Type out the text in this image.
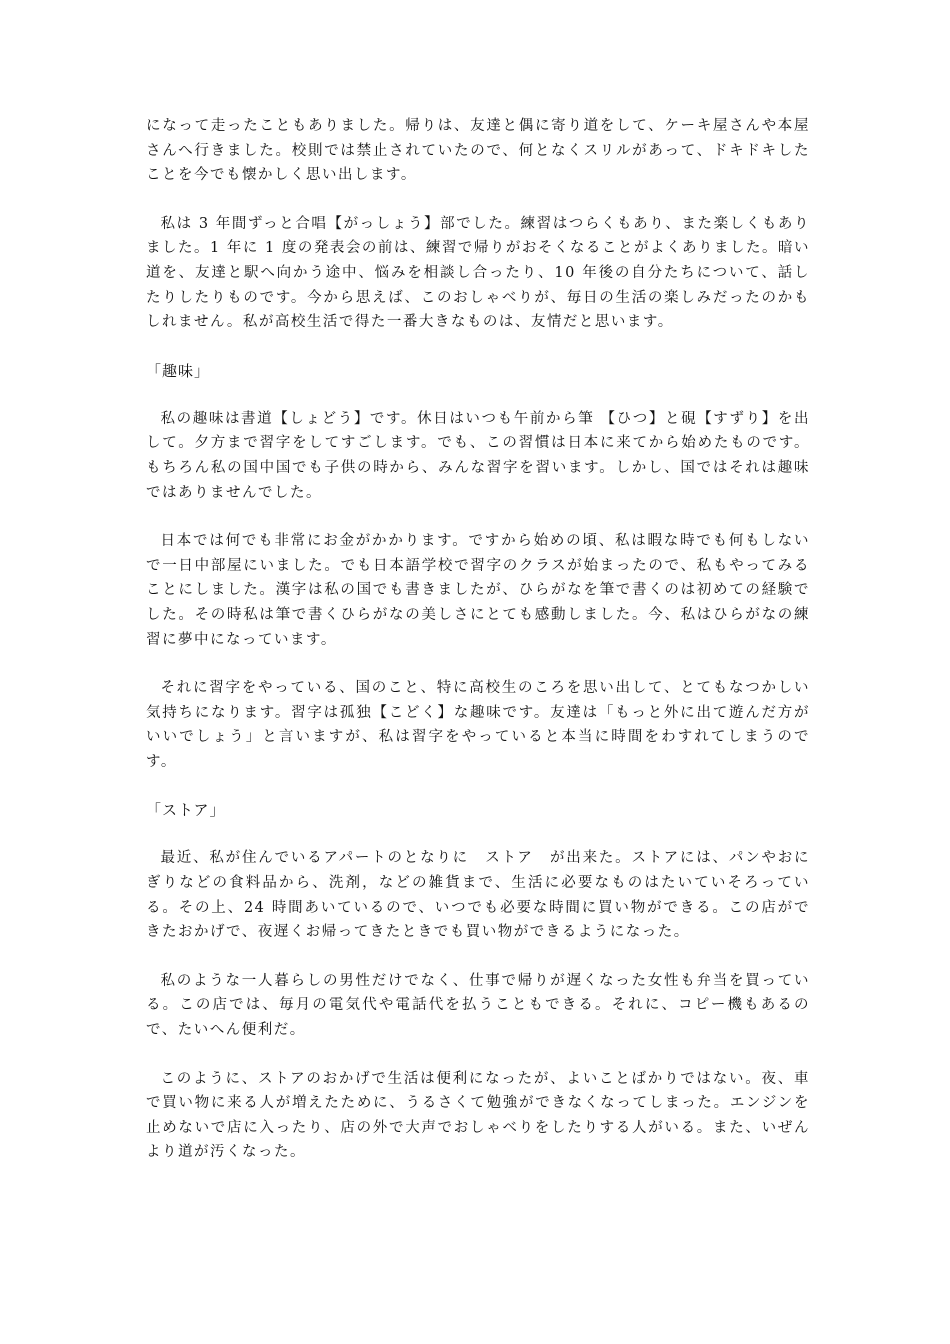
になって走ったこともありました。帰りは、友達と偶に寄り道をして、ケーキ屋さんや本屋さんへ行きました。校則では禁止されていたので、何となくスリルがあって、ドキドキしたことを今でも懐かしく思い出します。

私は 3 年間ずっと合唱【がっしょう】部でした。練習はつらくもあり、また楽しくもありました。1 年に 1 度の発表会の前は、練習で帰りがおそくなることがよくありました。暗い道を、友達と駅へ向かう途中、悩みを相談し合ったり、10 年後の自分たちについて、話したりしたりものです。今から思えば、このおしゃべりが、毎日の生活の楽しみだったのかもしれません。私が高校生活で得た一番大きなものは、友情だと思います。

「趣味」

私の趣味は書道【しょどう】です。休日はいつも午前から筆 【ひつ】と硯【すずり】を出して。夕方まで習字をしてすごします。でも、この習慣は日本に来てから始めたものです。もちろん私の国中国でも子供の時から、みんな習字を習います。しかし、国ではそれは趣味ではありませんでした。

日本では何でも非常にお金がかかります。ですから始めの頃、私は暇な時でも何もしないで一日中部屋にいました。でも日本語学校で習字のクラスが始まったので、私もやってみることにしました。漢字は私の国でも書きましたが、ひらがなを筆で書くのは初めての経験でした。その時私は筆で書くひらがなの美しさにとても感動しました。今、私はひらがなの練習に夢中になっています。

それに習字をやっている、国のこと、特に高校生のころを思い出して、とてもなつかしい気持ちになります。習字は孤独【こどく】な趣味です。友達は「もっと外に出て遊んだ方がいいでしょう」と言いますが、私は習字をやっていると本当に時間をわすれてしまうのです。

「ストア」

最近、私が住んでいるアパートのとなりに　ストア　が出来た。ストアには、パンやおにぎりなどの食料品から、洗剤，などの雑貨まで、生活に必要なものはたいていそろっている。その上、24 時間あいているので、いつでも必要な時間に買い物ができる。この店ができたおかげで、夜遅くお帰ってきたときでも買い物ができるようになった。

私のような一人暮らしの男性だけでなく、仕事で帰りが遅くなった女性も弁当を買っている。この店では、毎月の電気代や電話代を払うこともできる。それに、コピー機もあるので、たいへん便利だ。

このように、ストアのおかげで生活は便利になったが、よいことばかりではない。夜、車で買い物に来る人が増えたために、うるさくて勉強ができなくなってしまった。エンジンを止めないで店に入ったり、店の外で大声でおしゃべりをしたりする人がいる。また、いぜんより道が汚くなった。
